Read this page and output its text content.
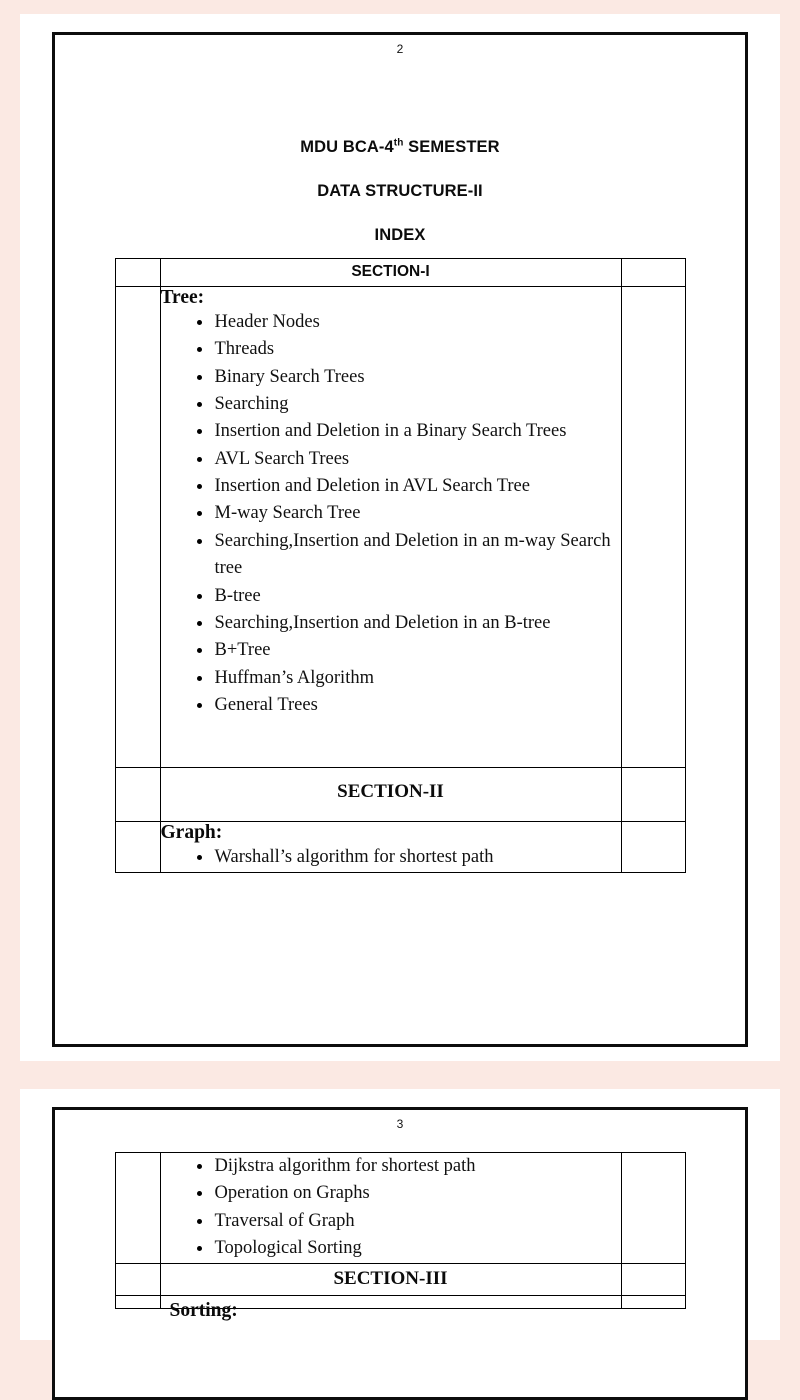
2
MDU BCA-4th SEMESTER
DATA STRUCTURE-II
INDEX

	SECTION-I	

Tree:
Header Nodes
Threads
Binary Search Trees
Searching
Insertion and Deletion in a Binary Search Trees
AVL Search Trees
Insertion and Deletion in AVL Search Tree
M-way Search Tree
Searching,Insertion and Deletion in an m-way Search tree
B-tree
Searching,Insertion and Deletion in an B-tree
B+Tree
Huffman’s Algorithm
General Trees

	SECTION-II	

Graph:
Warshall’s algorithm for shortest path

3

Dijkstra algorithm for shortest path
Operation on Graphs
Traversal of Graph
Topological Sorting

	SECTION-III	

	Sorting:	
